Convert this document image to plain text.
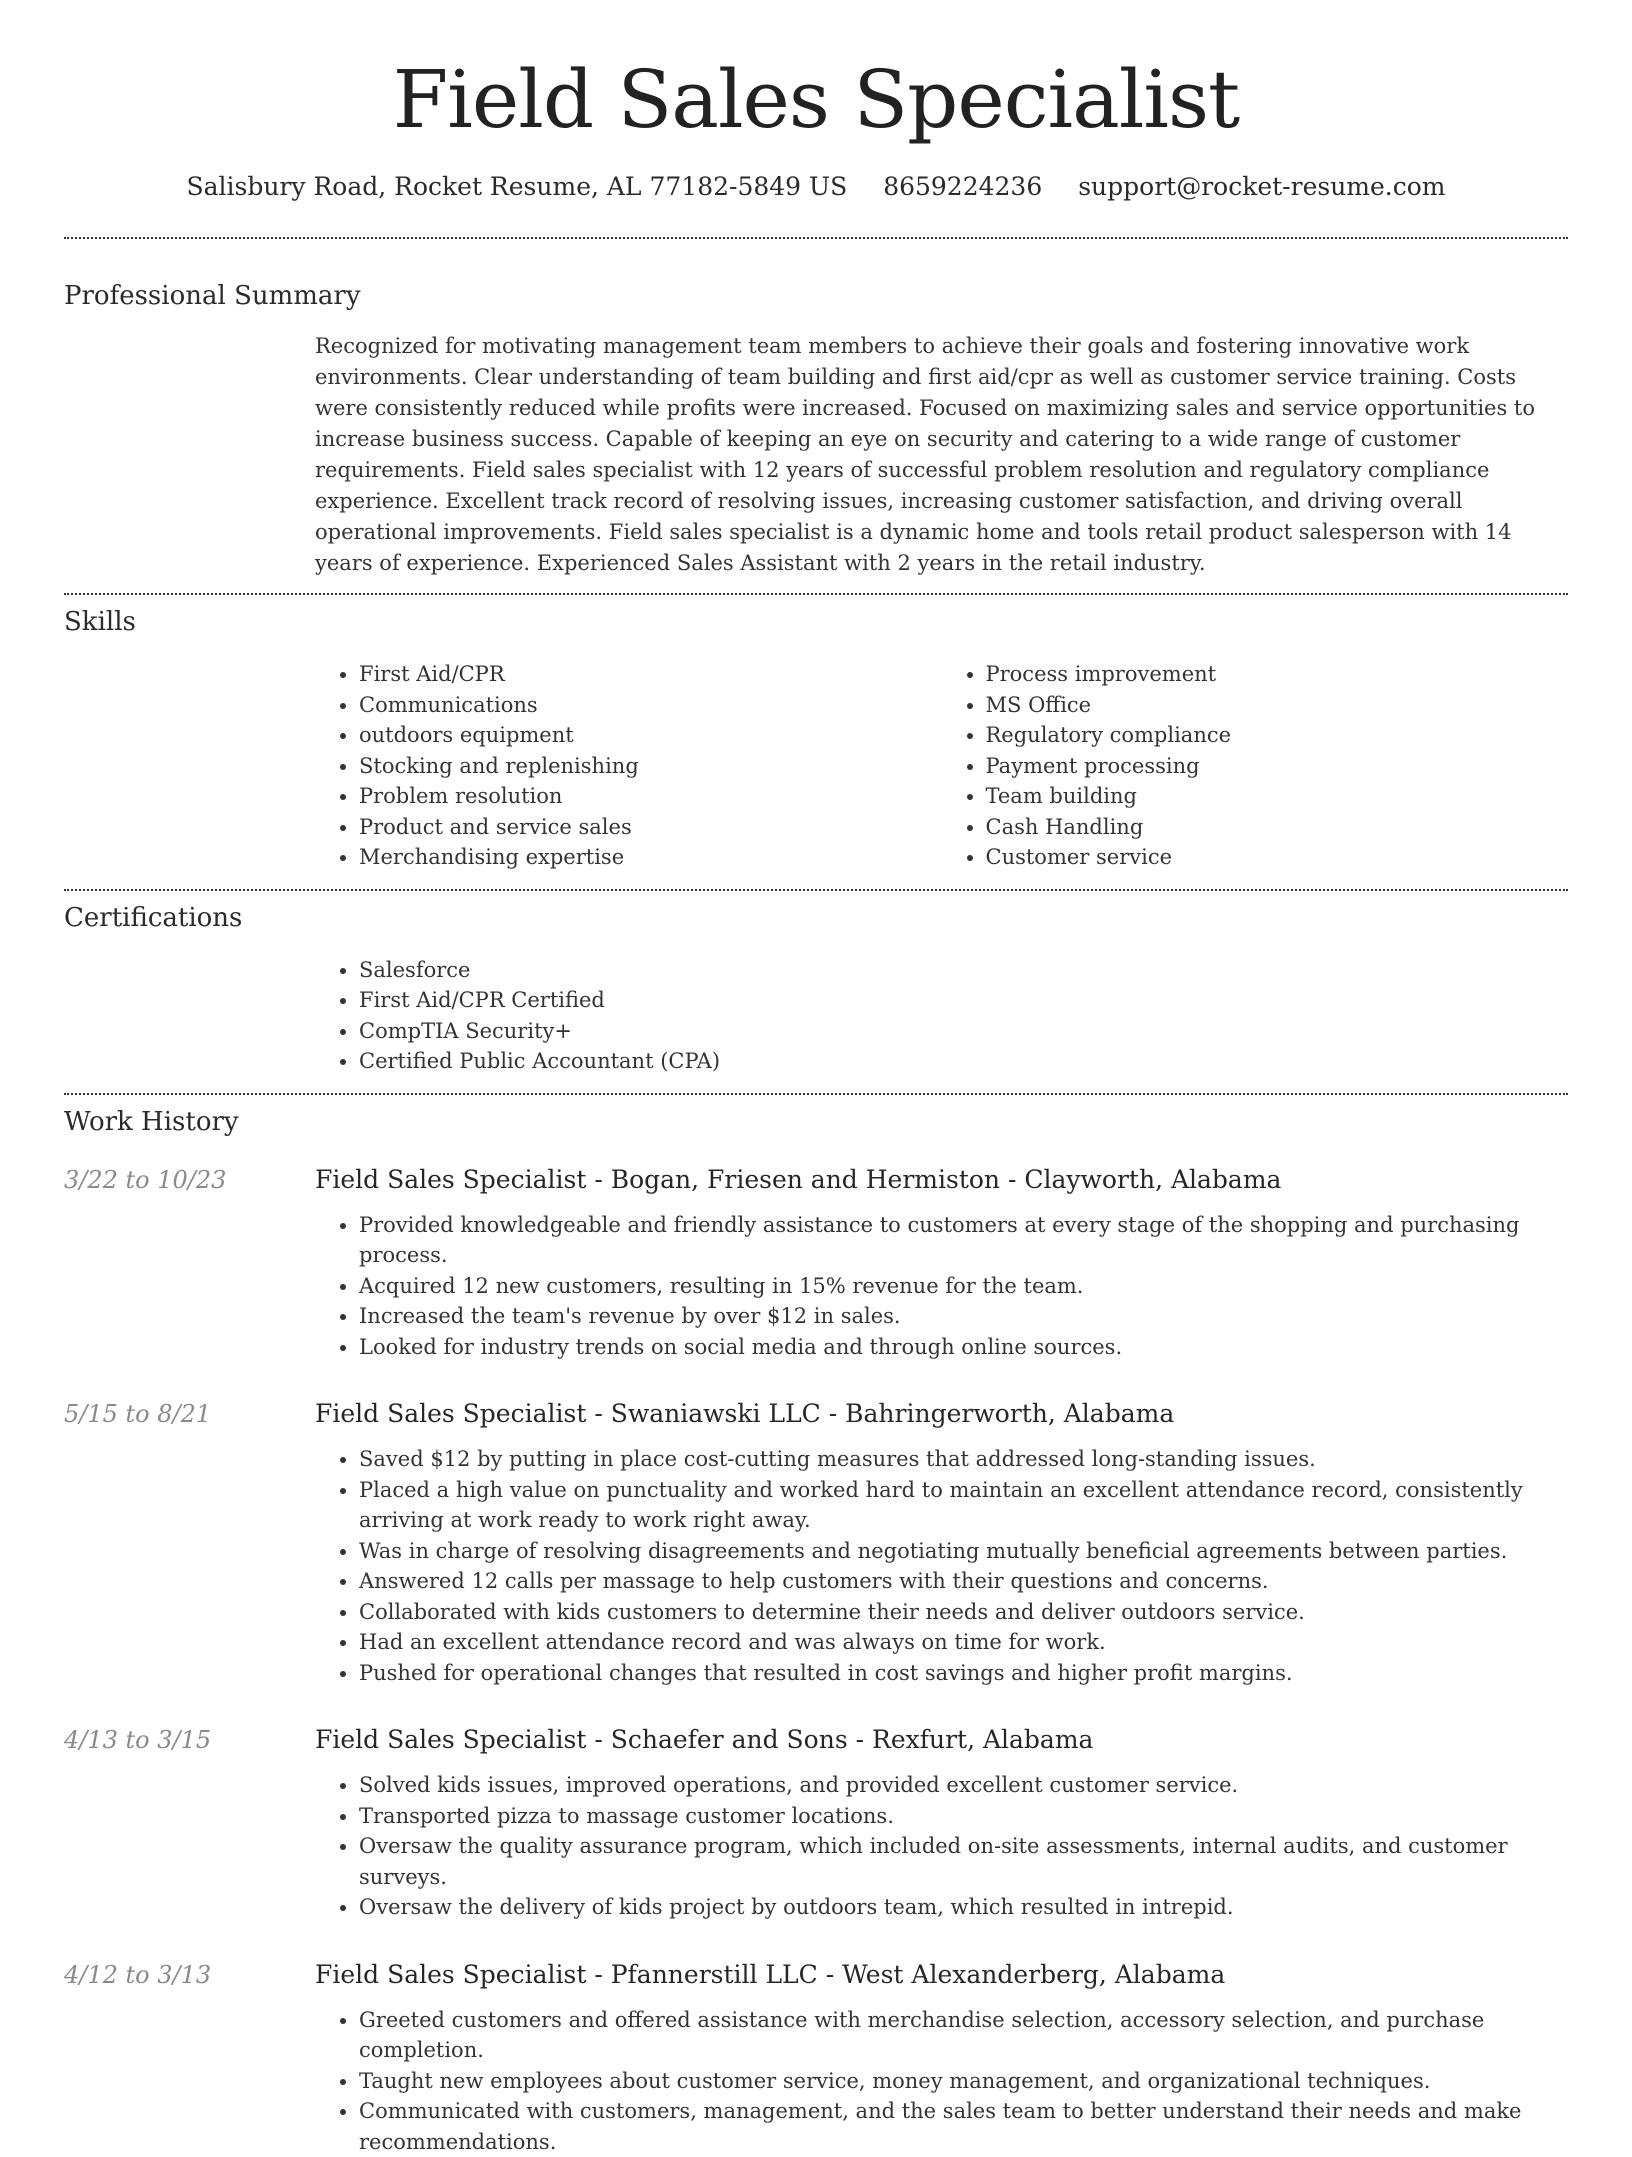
Field Sales Specialist
Salisbury Road, Rocket Resume, AL 77182-5849 US 8659224236 support@rocket-resume.com
Professional Summary
Recognized for motivating management team members to achieve their goals and fostering innovative work environments. Clear understanding of team building and first aid/cpr as well as customer service training. Costs were consistently reduced while profits were increased. Focused on maximizing sales and service opportunities to increase business success. Capable of keeping an eye on security and catering to a wide range of customer requirements. Field sales specialist with 12 years of successful problem resolution and regulatory compliance experience. Excellent track record of resolving issues, increasing customer satisfaction, and driving overall operational improvements. Field sales specialist is a dynamic home and tools retail product salesperson with 14 years of experience. Experienced Sales Assistant with 2 years in the retail industry.
Skills
• First Aid/CPR
• Communications
• outdoors equipment
• Stocking and replenishing
• Problem resolution
• Product and service sales
• Merchandising expertise
• Process improvement
• MS Office
• Regulatory compliance
• Payment processing
• Team building
• Cash Handling
• Customer service
Certifications
• Salesforce
• First Aid/CPR Certified
• CompTIA Security+
• Certified Public Accountant (CPA)
Work History
3/22 to 10/23	Field Sales Specialist - Bogan, Friesen and Hermiston - Clayworth, Alabama
• Provided knowledgeable and friendly assistance to customers at every stage of the shopping and purchasing process.
• Acquired 12 new customers, resulting in 15% revenue for the team.
• Increased the team's revenue by over $12 in sales.
• Looked for industry trends on social media and through online sources.
5/15 to 8/21	Field Sales Specialist - Swaniawski LLC - Bahringerworth, Alabama
• Saved $12 by putting in place cost-cutting measures that addressed long-standing issues.
• Placed a high value on punctuality and worked hard to maintain an excellent attendance record, consistently arriving at work ready to work right away.
• Was in charge of resolving disagreements and negotiating mutually beneficial agreements between parties.
• Answered 12 calls per massage to help customers with their questions and concerns.
• Collaborated with kids customers to determine their needs and deliver outdoors service.
• Had an excellent attendance record and was always on time for work.
• Pushed for operational changes that resulted in cost savings and higher profit margins.
4/13 to 3/15	Field Sales Specialist - Schaefer and Sons - Rexfurt, Alabama
• Solved kids issues, improved operations, and provided excellent customer service.
• Transported pizza to massage customer locations.
• Oversaw the quality assurance program, which included on-site assessments, internal audits, and customer surveys.
• Oversaw the delivery of kids project by outdoors team, which resulted in intrepid.
4/12 to 3/13	Field Sales Specialist - Pfannerstill LLC - West Alexanderberg, Alabama
• Greeted customers and offered assistance with merchandise selection, accessory selection, and purchase completion.
• Taught new employees about customer service, money management, and organizational techniques.
• Communicated with customers, management, and the sales team to better understand their needs and make recommendations.
